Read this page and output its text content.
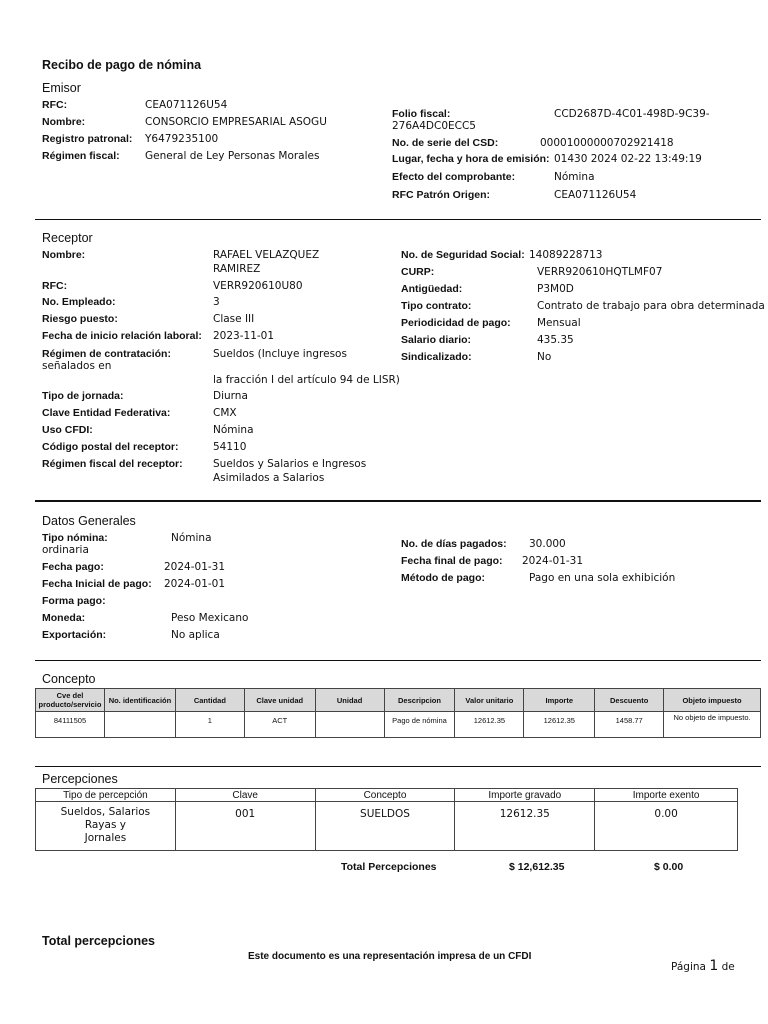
Recibo de pago de nómina
Emisor
RFC:	CEA071126U54
Nombre:	CONSORCIO EMPRESARIAL ASOGU
Registro patronal: Y6479235100
Régimen fiscal: General de Ley Personas Morales
Folio fiscal:	CCD2687D-4C01-498D-9C39-
276A4DC0ECC5
No. de serie del CSD:	00001000000702921418
Lugar, fecha y hora de emisión: 01430 2024 02-22 13:49:19
Efecto del comprobante:	Nómina
RFC Patrón Origen:	CEA071126U54
Receptor
Nombre:	RAFAEL VELAZQUEZ
RAMIREZ
RFC:	VERR920610U80
No. Empleado:	3
Riesgo puesto:	Clase III
Fecha de inicio relación laboral: 2023-11-01
Régimen de contratación:
señalados en
Sueldos (Incluye ingresos
la fracción I del artículo 94 de LISR)
Tipo de jornada:	Diurna
Clave Entidad Federativa:	CMX
Uso CFDI:	Nómina
Código postal del receptor:	54110
Régimen fiscal del receptor:	Sueldos y Salarios e Ingresos
Asimilados a Salarios
No. de Seguridad Social: 14089228713
CURP:	VERR920610HQTLMF07
Antigüedad:	P3M0D
Tipo contrato:	Contrato de trabajo para obra determinada
Periodicidad de pago:	Mensual
Salario diario:	435.35
Sindicalizado:	No
Datos Generales
Tipo nómina:	Nómina
ordinaria
Fecha pago:	2024-01-31
Fecha Inicial de pago: 2024-01-01
Forma pago:
Moneda:	Peso Mexicano
Exportación:	No aplica
No. de días pagados: 30.000
Fecha final de pago: 2024-01-31
Método de pago:	Pago en una sola exhibición
Concepto
Cve del producto/servicio	No. identificación	Cantidad	Clave unidad	Unidad	Descripcion	Valor unitario	Importe	Descuento	Objeto impuesto
84111505		1	ACT		Pago de nómina	12612.35	12612.35	1458.77	No objeto de impuesto.
Percepciones
Tipo de percepción	Clave	Concepto	Importe gravado	Importe exento

Sueldos, Salarios
Rayas y
Jornales	001	SUELDOS	12612.35	0.00
Total Percepciones	$ 12,612.35	$ 0.00
Total percepciones
Este documento es una representación impresa de un CFDI
Página 1 de
